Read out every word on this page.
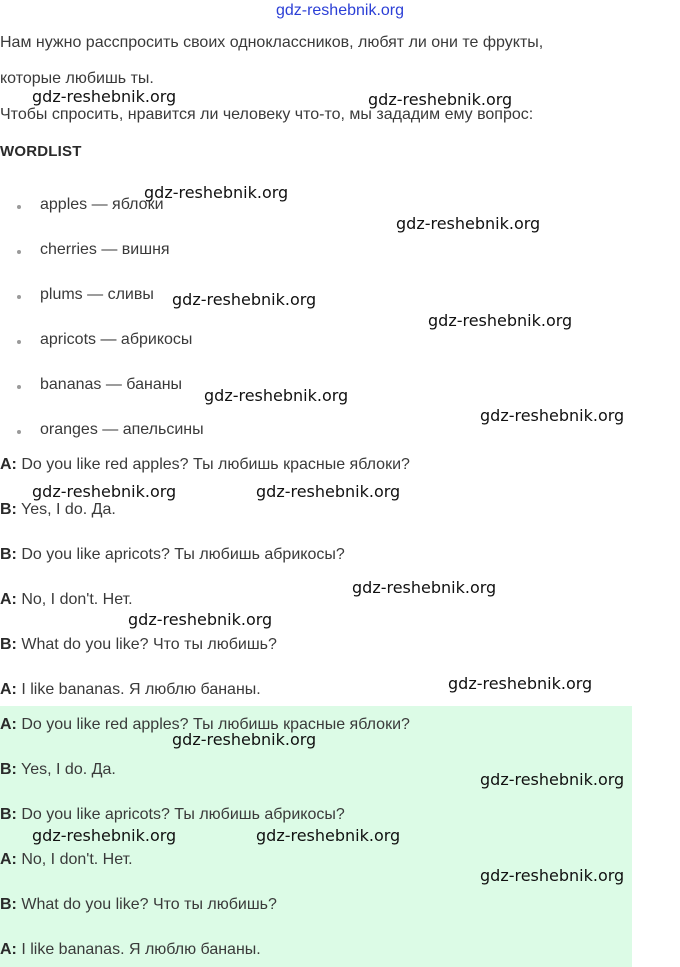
gdz-reshebnik.org
Нам нужно расспросить своих одноклассников, любят ли они те фрукты,
которые любишь ты.
Чтобы спросить, нравится ли человеку что-то, мы зададим ему вопрос:
WORDLIST
apples — яблоки
cherries — вишня
plums — сливы
apricots — абрикосы
bananas — бананы
oranges — апельсины
A: Do you like red apples? Ты любишь красные яблоки?
B: Yes, I do. Да.
B: Do you like apricots? Ты любишь абрикосы?
A: No, I don't. Нет.
B: What do you like? Что ты любишь?
A: I like bananas. Я люблю бананы.
A: Do you like red apples? Ты любишь красные яблоки?
B: Yes, I do. Да.
B: Do you like apricots? Ты любишь абрикосы?
A: No, I don't. Нет.
B: What do you like? Что ты любишь?
A: I like bananas. Я люблю бананы.
gdz-reshebnik.org	gdz-reshebnik.org
gdz-reshebnik.org
gdz-reshebnik.org
gdz-reshebnik.org
gdz-reshebnik.org
gdz-reshebnik.org
gdz-reshebnik.org
gdz-reshebnik.org	gdz-reshebnik.org
gdz-reshebnik.org
gdz-reshebnik.org
gdz-reshebnik.org
gdz-reshebnik.org
gdz-reshebnik.org
gdz-reshebnik.org	gdz-reshebnik.org
gdz-reshebnik.org
